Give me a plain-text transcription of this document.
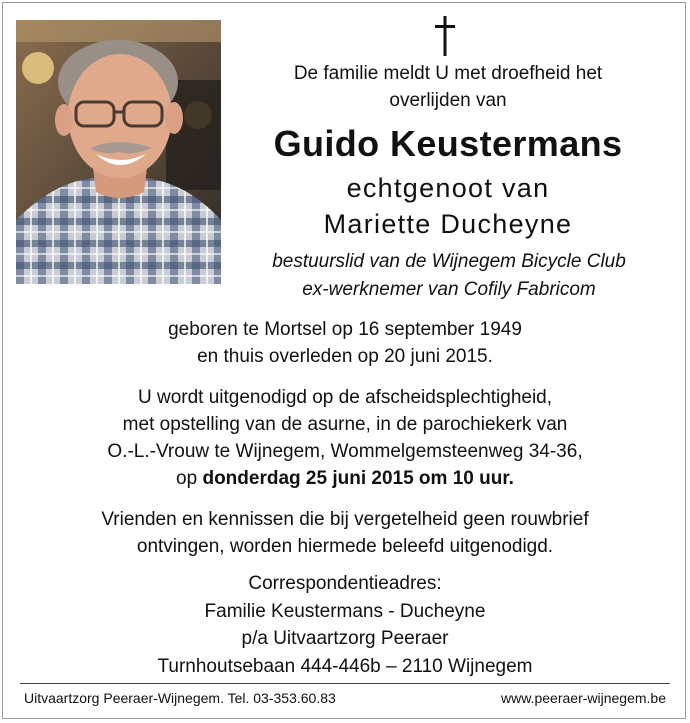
De familie meldt U met droefheid het
overlijden van
Guido Keustermans
echtgenoot van
Mariette Ducheyne
bestuurslid van de Wijnegem Bicycle Club
ex-werknemer van Cofily Fabricom
geboren te Mortsel op 16 september 1949
en thuis overleden op 20 juni 2015.
U wordt uitgenodigd op de afscheidsplechtigheid,
met opstelling van de asurne, in de parochiekerk van
O.-L.-Vrouw te Wijnegem, Wommelgemsteenweg 34-36,
op donderdag 25 juni 2015 om 10 uur.
Vrienden en kennissen die bij vergetelheid geen rouwbrief
ontvingen, worden hiermede beleefd uitgenodigd.
Correspondentieadres:
Familie Keustermans - Ducheyne
p/a Uitvaartzorg Peeraer
Turnhoutsebaan 444-446b – 2110 Wijnegem
Uitvaartzorg Peeraer-Wijnegem. Tel. 03-353.60.83	www.peeraer-wijnegem.be
